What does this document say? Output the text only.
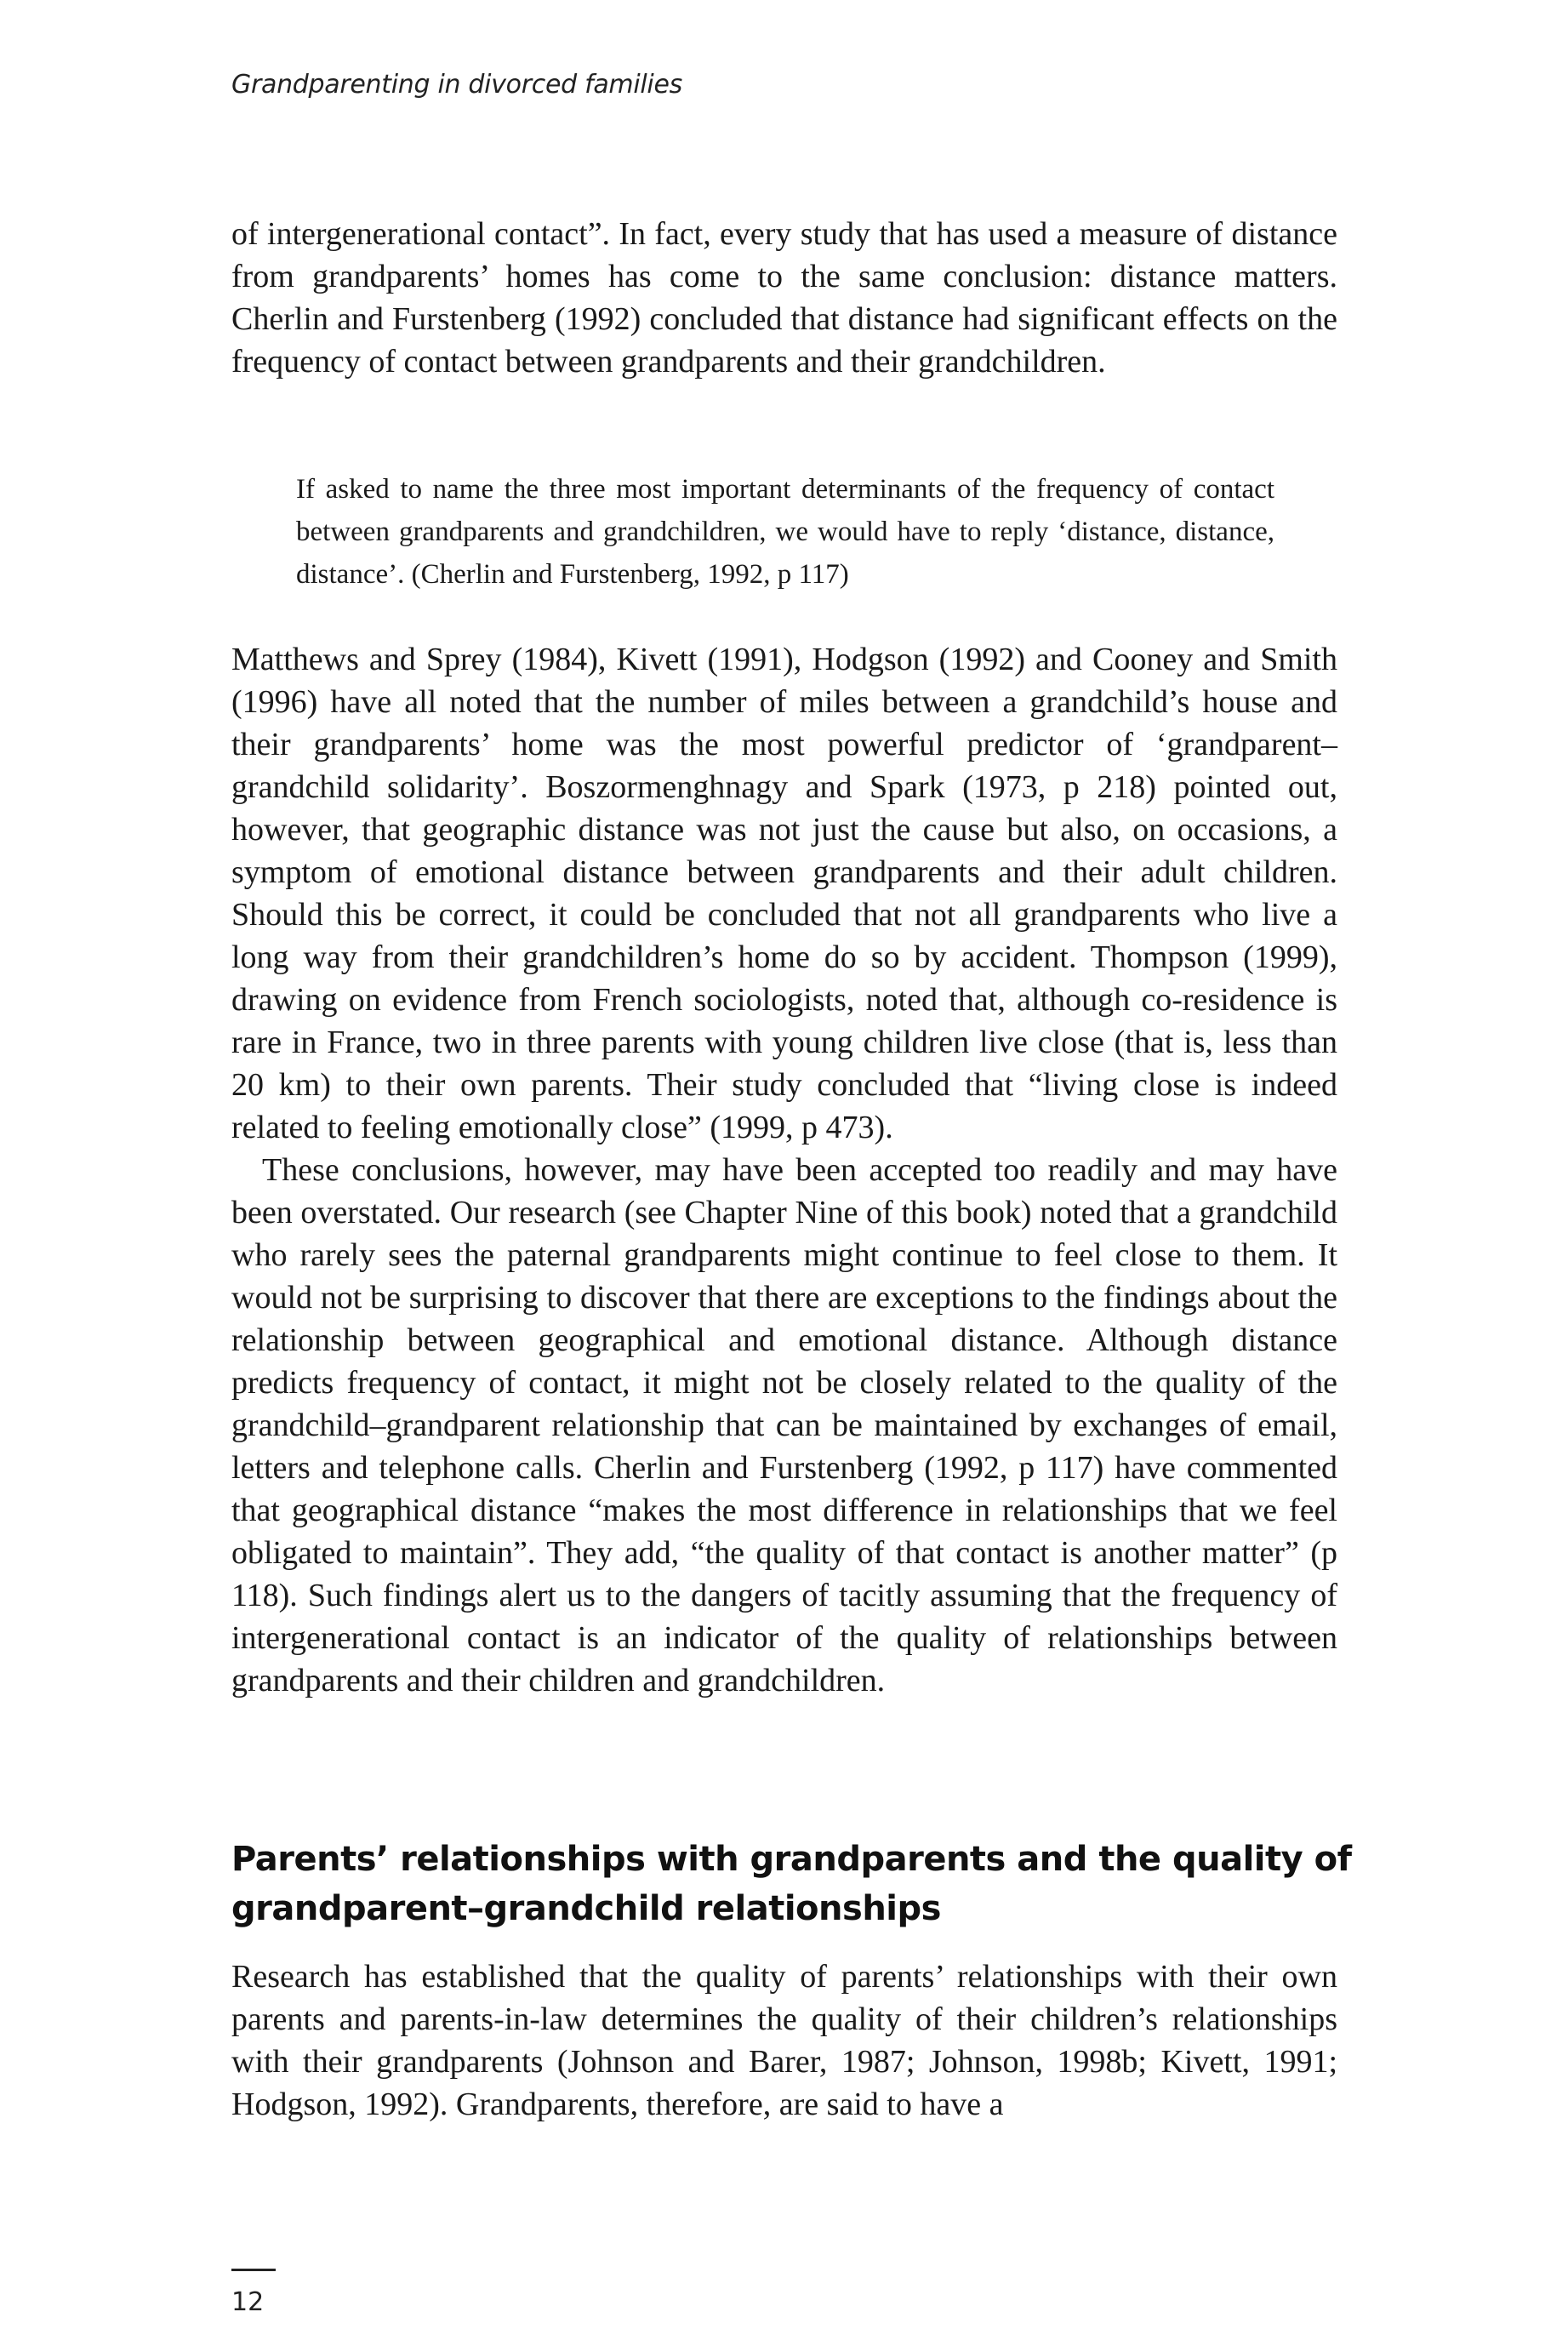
Grandparenting in divorced families

of intergenerational contact”. In fact, every study that has used a measure of distance from grandparents’ homes has come to the same conclusion: distance matters. Cherlin and Furstenberg (1992) concluded that distance had significant effects on the frequency of contact between grandparents and their grandchildren.

If asked to name the three most important determinants of the frequency of contact between grandparents and grandchildren, we would have to reply ‘distance, distance, distance’. (Cherlin and Furstenberg, 1992, p 117)

Matthews and Sprey (1984), Kivett (1991), Hodgson (1992) and Cooney and Smith (1996) have all noted that the number of miles between a grandchild’s house and their grandparents’ home was the most powerful predictor of ‘grandparent–grandchild solidarity’. Boszormenghnagy and Spark (1973, p 218) pointed out, however, that geographic distance was not just the cause but also, on occasions, a symptom of emotional distance between grandparents and their adult children. Should this be correct, it could be concluded that not all grandparents who live a long way from their grandchildren’s home do so by accident. Thompson (1999), drawing on evidence from French sociologists, noted that, although co-residence is rare in France, two in three parents with young children live close (that is, less than 20 km) to their own parents. Their study concluded that “living close is indeed related to feeling emotionally close” (1999, p 473).

These conclusions, however, may have been accepted too readily and may have been overstated. Our research (see Chapter Nine of this book) noted that a grandchild who rarely sees the paternal grandparents might continue to feel close to them. It would not be surprising to discover that there are exceptions to the findings about the relationship between geographical and emotional distance. Although distance predicts frequency of contact, it might not be closely related to the quality of the grandchild–grandparent relationship that can be maintained by exchanges of email, letters and telephone calls. Cherlin and Furstenberg (1992, p 117) have commented that geographical distance “makes the most difference in relationships that we feel obligated to maintain”. They add, “the quality of that contact is another matter” (p 118). Such findings alert us to the dangers of tacitly assuming that the frequency of intergenerational contact is an indicator of the quality of relationships between grandparents and their children and grandchildren.

Parents’ relationships with grandparents and the quality of grandparent–grandchild relationships

Research has established that the quality of parents’ relationships with their own parents and parents-in-law determines the quality of their children’s relationships with their grandparents (Johnson and Barer, 1987; Johnson, 1998b; Kivett, 1991; Hodgson, 1992). Grandparents, therefore, are said to have a

12
